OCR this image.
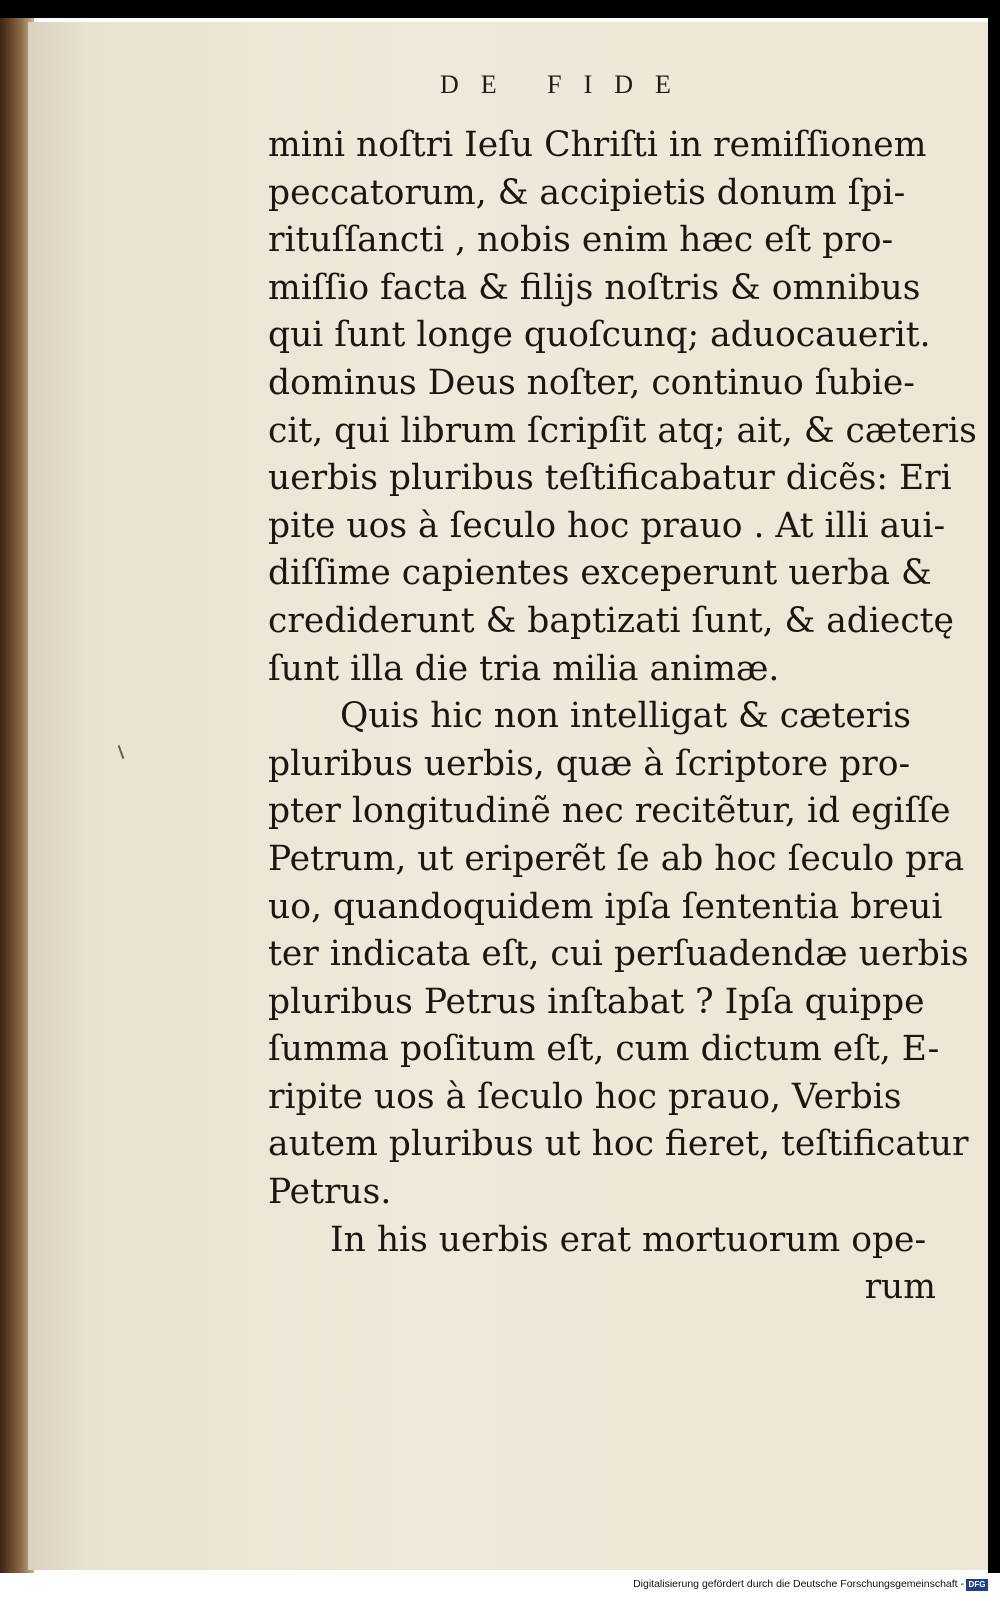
DE FIDE
mini noſtri Ieſu Chriſti in remiſſionem
peccatorum, & accipietis donum ſpi-
rituſſancti , nobis enim hæc eſt pro-
miſſio facta & filijs noſtris & omnibus
qui ſunt longe quoſcunq; aduocauerit.
dominus Deus noſter, continuo ſubie-
cit, qui librum ſcripſit atq; ait, & cæteris
uerbis pluribus teſtificabatur dicẽs: Eri
pite uos à ſeculo hoc prauo . At illi aui-
diſſime capientes exceperunt uerba &
crediderunt & baptizati ſunt, & adiectę
ſunt illa die tria milia animæ.
Quis hic non intelligat & cæteris
pluribus uerbis, quæ à ſcriptore pro-
pter longitudinẽ nec recitẽtur, id egiſſe
Petrum, ut eriperẽt ſe ab hoc ſeculo pra
uo, quandoquidem ipſa ſententia breui
ter indicata eſt, cui perſuadendæ uerbis
pluribus Petrus inſtabat ? Ipſa quippe
ſumma poſitum eſt, cum dictum eſt, E-
ripite uos à ſeculo hoc prauo, Verbis
autem pluribus ut hoc fieret, teſtificatur
Petrus.
In his uerbis erat mortuorum ope-
rum
Digitalisierung gefördert durch die Deutsche Forschungsgemeinschaft - DFG
